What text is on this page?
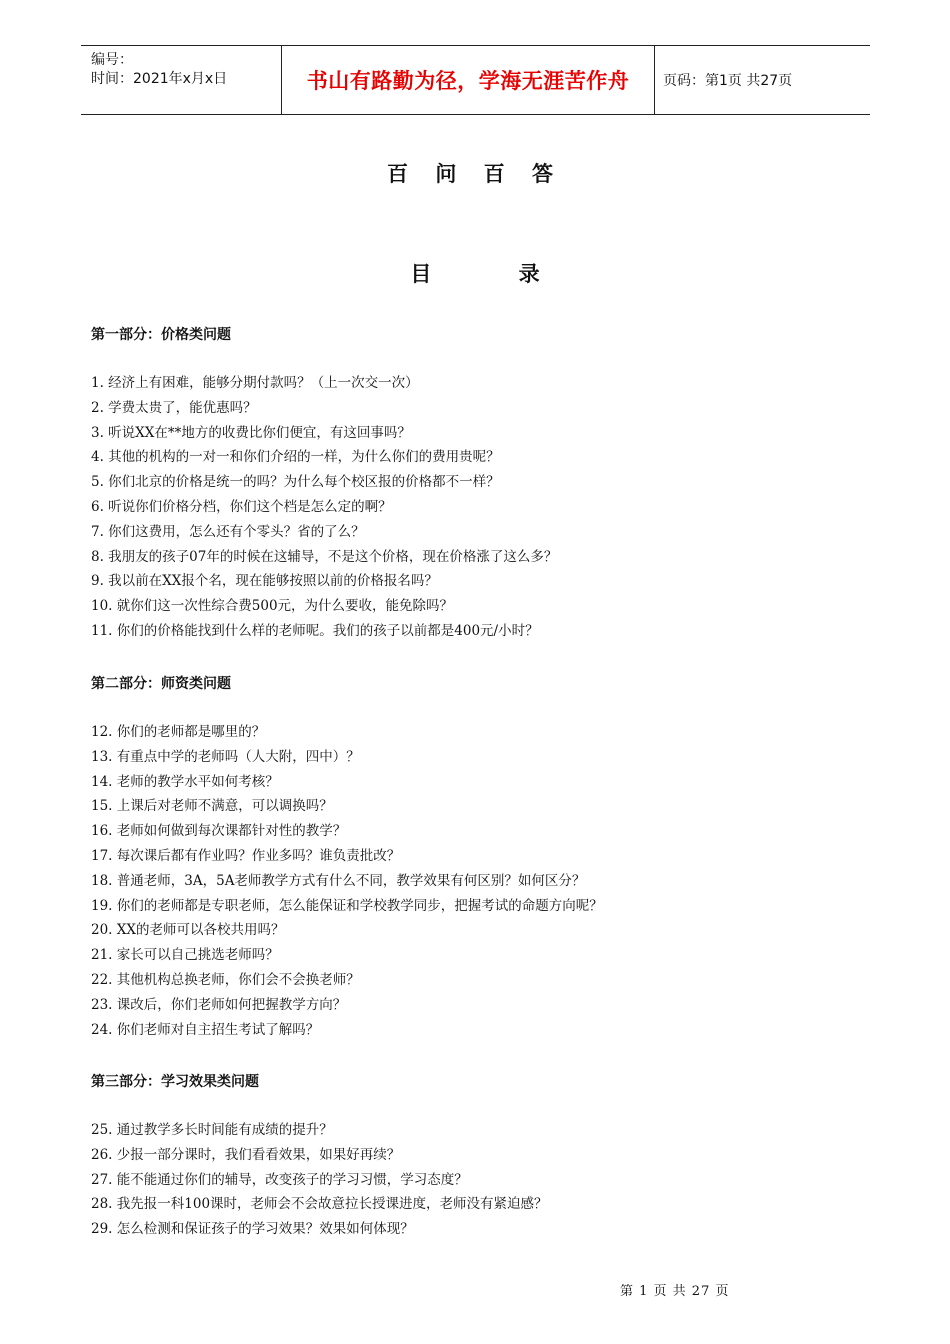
编号：
时间：2021年x月x日	书山有路勤为径，学海无涯苦作舟	页码：第1页 共27页
百 问 百 答
目 录
第一部分：价格类问题
1. 经济上有困难，能够分期付款吗？（上一次交一次）
2. 学费太贵了，能优惠吗？
3. 听说XX在**地方的收费比你们便宜，有这回事吗？
4. 其他的机构的一对一和你们介绍的一样，为什么你们的费用贵呢？
5. 你们北京的价格是统一的吗？为什么每个校区报的价格都不一样？
6. 听说你们价格分档，你们这个档是怎么定的啊？
7. 你们这费用，怎么还有个零头？省的了么？
8. 我朋友的孩子07年的时候在这辅导，不是这个价格，现在价格涨了这么多？
9. 我以前在XX报个名，现在能够按照以前的价格报名吗？
10. 就你们这一次性综合费500元，为什么要收，能免除吗？
11. 你们的价格能找到什么样的老师呢。我们的孩子以前都是400元/小时？
第二部分：师资类问题
12. 你们的老师都是哪里的？
13. 有重点中学的老师吗（人大附，四中）？
14. 老师的教学水平如何考核？
15. 上课后对老师不满意，可以调换吗？
16. 老师如何做到每次课都针对性的教学？
17. 每次课后都有作业吗？作业多吗？谁负责批改？
18. 普通老师，3A，5A老师教学方式有什么不同，教学效果有何区别？如何区分？
19. 你们的老师都是专职老师，怎么能保证和学校教学同步，把握考试的命题方向呢？
20. XX的老师可以各校共用吗？
21. 家长可以自己挑选老师吗？
22. 其他机构总换老师，你们会不会换老师？
23. 课改后，你们老师如何把握教学方向？
24. 你们老师对自主招生考试了解吗？
第三部分：学习效果类问题
25. 通过教学多长时间能有成绩的提升？
26. 少报一部分课时，我们看看效果，如果好再续？
27. 能不能通过你们的辅导，改变孩子的学习习惯，学习态度？
28. 我先报一科100课时，老师会不会故意拉长授课进度，老师没有紧迫感？
29. 怎么检测和保证孩子的学习效果？效果如何体现？
第 1 页 共 27 页
